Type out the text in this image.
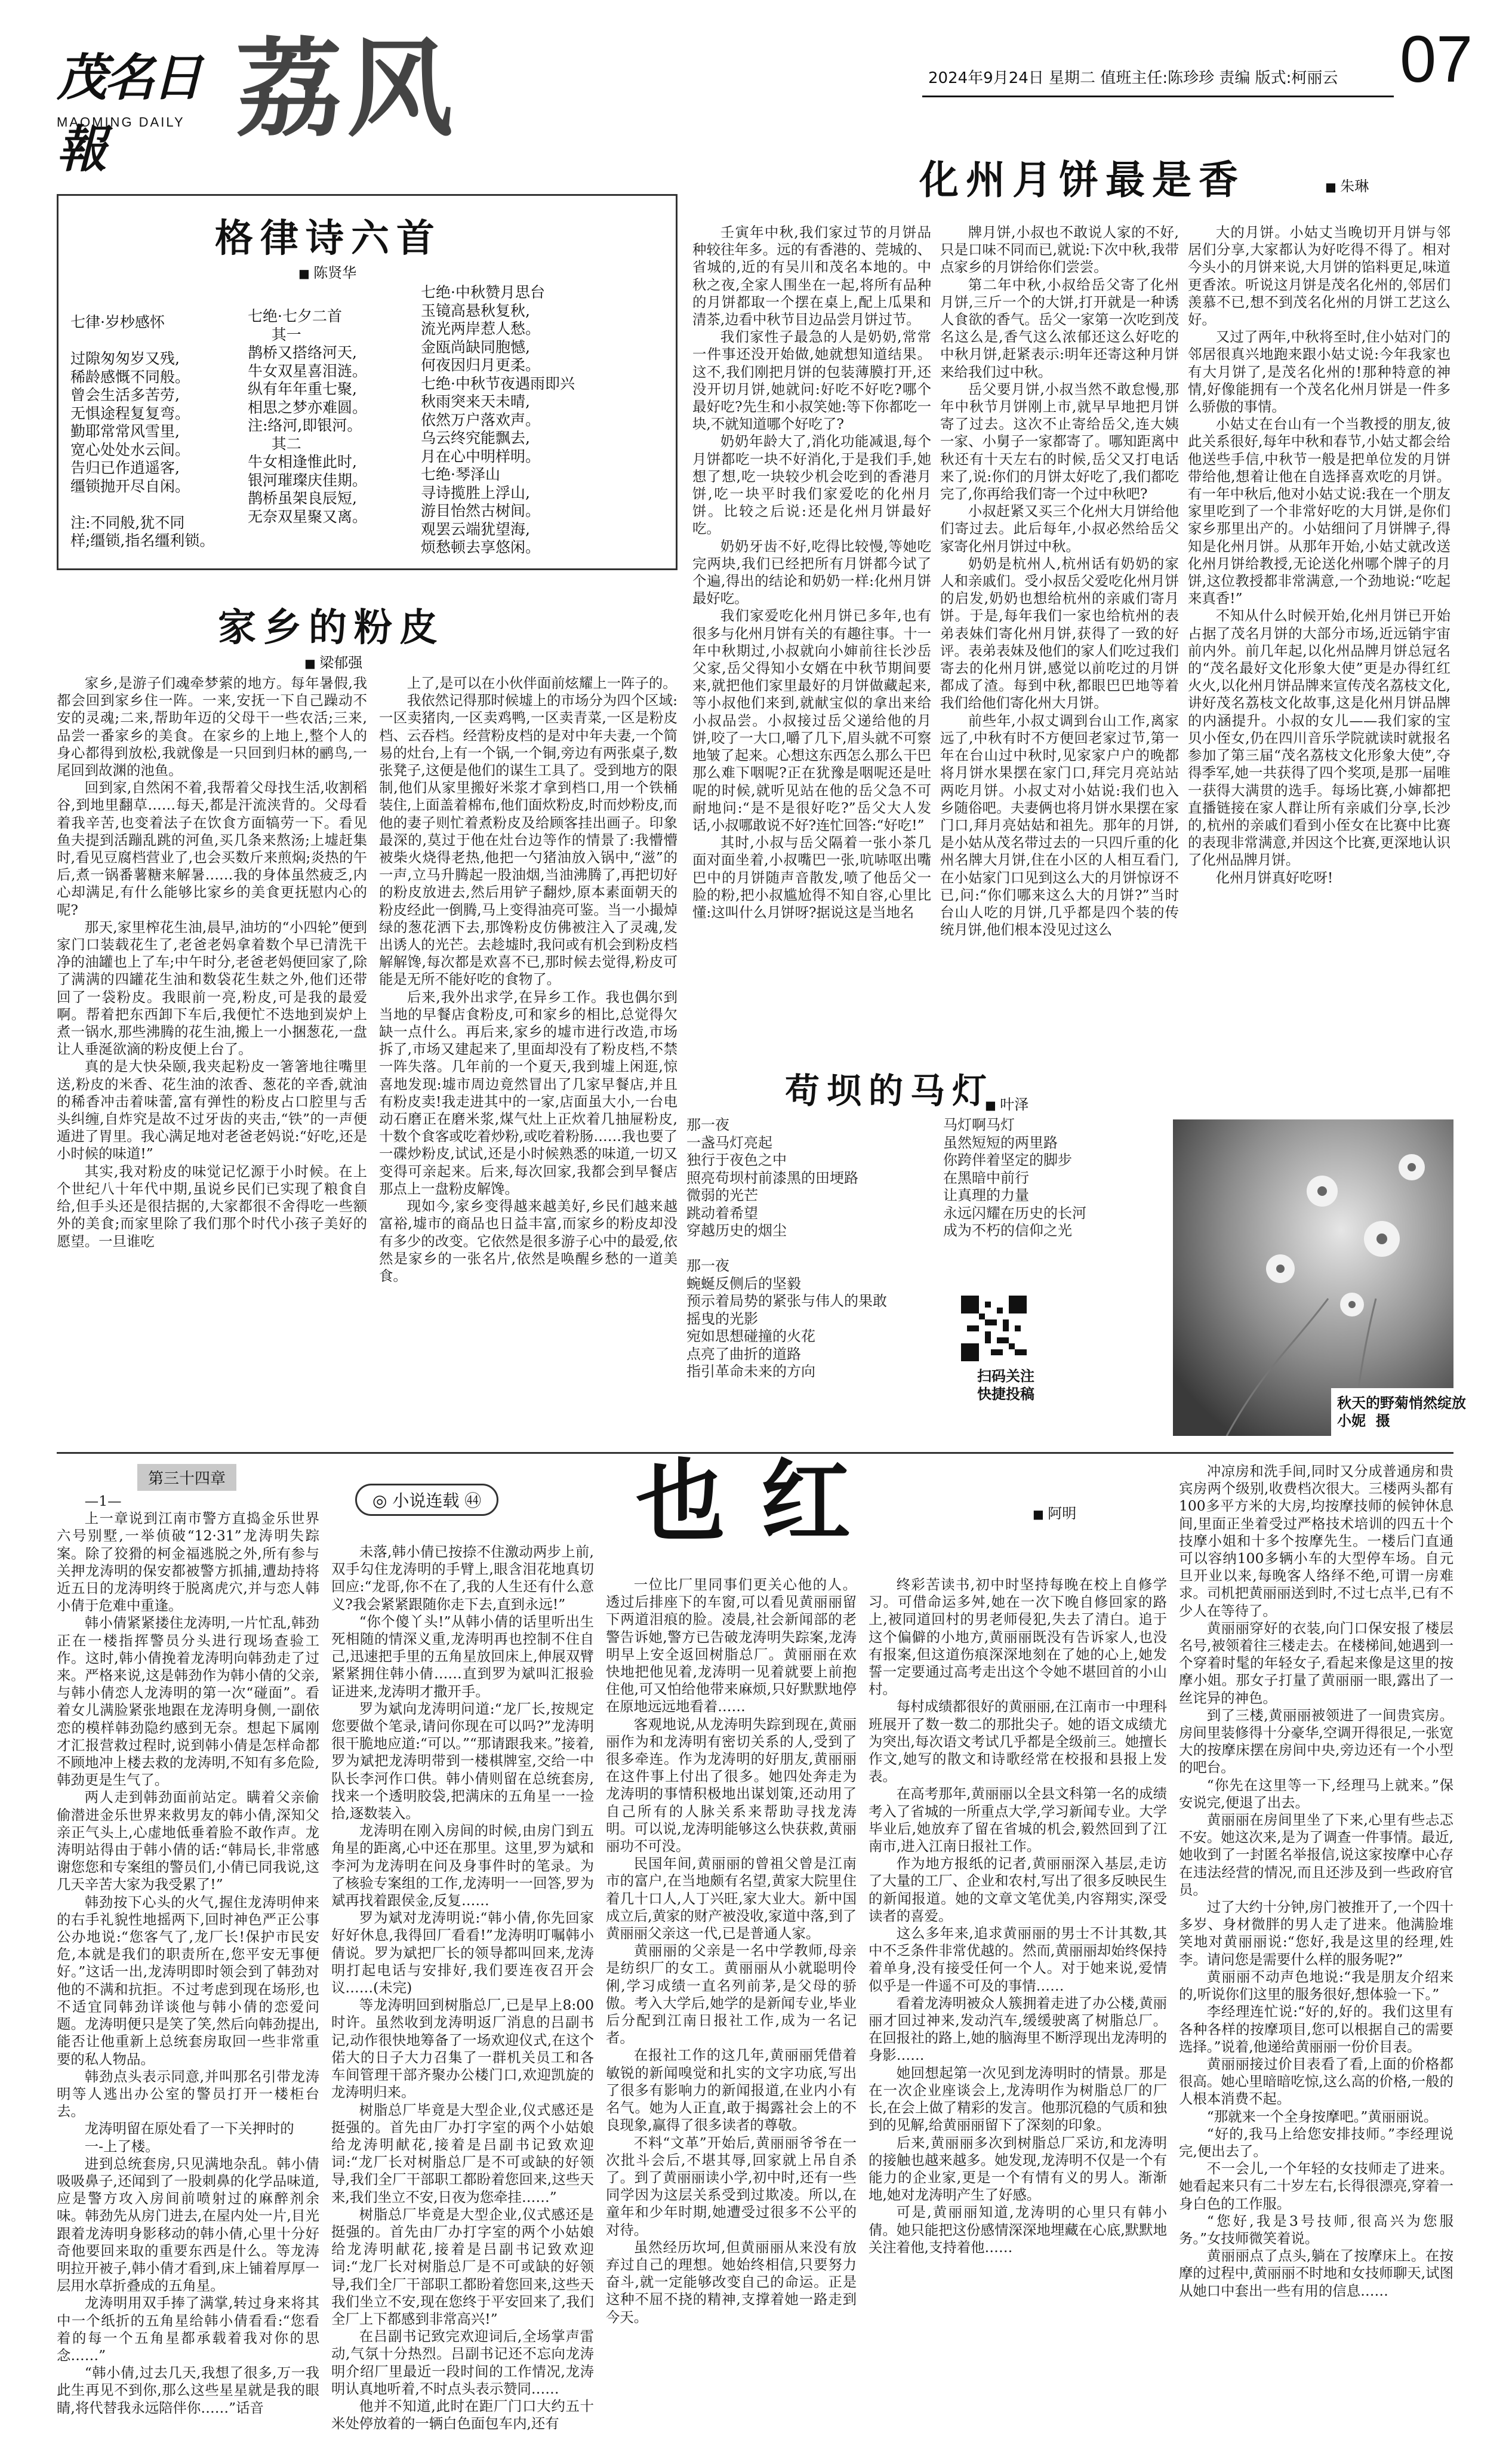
茂名日報
MAOMING DAILY 荔风	2024年9月24日 星期二 值班主任:陈珍珍 责编 版式:柯丽云 07
格律诗六首
■ 陈贤华
七律·岁杪感怀

过隙匆匆岁又残,
稀龄感慨不同般。
曾会生活多苦劳,
无惧途程复复弯。
勤耶常常风雪里,
宽心处处水云间。
告归已作逍遥客,
缰锁抛开尽自闲。

注:不同般,犹不同
样;缰锁,指名缰利锁。
七绝·七夕二首
其一
鹊桥又搭络河天,
牛女双星喜泪涟。
纵有年年重七聚,
相思之梦亦难圆。
注:络河,即银河。
其二
牛女相逢惟此时,
银河璀璨庆佳期。
鹊桥虽架良辰短,
无奈双星聚又离。
七绝·中秋赞月思台
玉镜高悬秋复秋,
流光两岸惹人愁。
金瓯尚缺同胞憾,
何夜因归月更柔。
七绝·中秋节夜遇雨即兴
秋雨突来天未晴,
依然万户落欢声。
乌云终究能飘去,
月在心中明样明。
七绝·琴泽山
寻诗揽胜上浮山,
游目怡然古树间。
观罢云端犹望海,
烦愁顿去享悠闲。
家乡的粉皮
■ 梁郁强

家乡,是游子们魂牵梦萦的地方。每年暑假,我都会回到家乡住一阵。一来,安抚一下自己躁动不安的灵魂;二来,帮助年迈的父母干一些农活;三来,品尝一番家乡的美食。在家乡的上地上,整个人的身心都得到放松,我就像是一只回到归林的鹂鸟,一尾回到故渊的池鱼。

回到家,自然闲不着,我帮着父母找生活,收割稻谷,到地里翻草……每天,都是汗流浃背的。父母看着我辛苦,也变着法子在饮食方面犒劳一下。看见鱼夫提到活蹦乱跳的河鱼,买几条来熬汤;上墟赶集时,看见豆腐档营业了,也会买数斤来煎焖;炎热的午后,煮一锅番薯糖来解暑……我的身体虽然疲乏,内心却满足,有什么能够比家乡的美食更抚慰内心的呢?

那天,家里榨花生油,晨早,油坊的“小四轮”便到家门口装载花生了,老爸老妈拿着数个早已清洗干净的油罐也上了车;中午时分,老爸老妈便回家了,除了满满的四罐花生油和数袋花生麸之外,他们还带回了一袋粉皮。我眼前一亮,粉皮,可是我的最爱啊。帮着把东西卸下车后,我便忙不迭地到炭炉上煮一锅水,那些沸腾的花生油,搬上一小捆葱花,一盘让人垂涎欲滴的粉皮便上台了。

真的是大快朵颐,我夹起粉皮一箸箸地往嘴里送,粉皮的米香、花生油的浓香、葱花的辛香,就油的稀香冲击着味蕾,富有弹性的粉皮占口腔里与舌头纠缠,自炸究是故不过牙齿的夹击,“铁”的一声便遁进了胃里。我心满足地对老爸老妈说:“好吃,还是小时候的味道!”

其实,我对粉皮的味觉记忆源于小时候。在上个世纪八十年代中期,虽说乡民们已实现了粮食自给,但手头还是很拮据的,大家都很不舍得吃一些额外的美食;而家里除了我们那个时代小孩子美好的愿望。一旦谁吃

上了,是可以在小伙伴面前炫耀上一阵子的。

我依然记得那时候墟上的市场分为四个区域:一区卖猪肉,一区卖鸡鸭,一区卖青菜,一区是粉皮档、云吞档。经营粉皮档的是对中年夫妻,一个简易的灶台,上有一个锅,一个铜,旁边有两张桌子,数张凳子,这便是他们的谋生工具了。受到地方的限制,他们从家里搬好米浆才拿到档口,用一个铁桶装住,上面盖着棉布,他们面炊粉皮,时而炒粉皮,而他的妻子则忙着煮粉皮及给顾客挂出画子。印象最深的,莫过于他在灶台边等作的情景了:我懵懵被柴火烧得老热,他把一勺猪油放入锅中,“滋”的一声,立马升腾起一股油烟,当油沸腾了,再把切好的粉皮放进去,然后用铲子翻炒,原本素面朝天的粉皮经此一倒腾,马上变得油亮可鉴。当一小撮焯绿的葱花洒下去,那馋粉皮仿佛被注入了灵魂,发出诱人的光芒。去趁墟时,我问或有机会到粉皮档解解馋,每次都是欢喜不已,那时候去觉得,粉皮可能是无所不能好吃的食物了。

后来,我外出求学,在异乡工作。我也偶尔到当地的早餐店食粉皮,可和家乡的相比,总觉得欠缺一点什么。再后来,家乡的墟市进行改造,市场拆了,市场又建起来了,里面却没有了粉皮档,不禁一阵失落。几年前的一个夏天,我到墟上闲逛,惊喜地发现:墟市周边竟然冒出了几家早餐店,并且有粉皮卖!我走进其中的一家,店面虽大小,一台电动石磨正在磨米浆,煤气灶上正炊着几抽屉粉皮,十数个食客或吃着炒粉,或吃着粉肠……我也要了一碟炒粉皮,试试,还是小时候熟悉的味道,一切又变得可亲起来。后来,每次回家,我都会到早餐店那点上一盘粉皮解馋。

现如今,家乡变得越来越美好,乡民们越来越富裕,墟市的商品也日益丰富,而家乡的粉皮却没有多少的改变。它依然是很多游子心中的最爱,依然是家乡的一张名片,依然是唤醒乡愁的一道美食。

化州月饼最是香	■ 朱琳

壬寅年中秋,我们家过节的月饼品种较往年多。远的有香港的、莞城的、省城的,近的有吴川和茂名本地的。中秋之夜,全家人围坐在一起,将所有品种的月饼都取一个摆在桌上,配上瓜果和清茶,边看中秋节目边品尝月饼过节。

我们家性子最急的人是奶奶,常常一件事还没开始做,她就想知道结果。这不,我们刚把月饼的包装薄膜打开,还没开切月饼,她就问:好吃不好吃?哪个最好吃?先生和小叔笑她:等下你都吃一块,不就知道哪个好吃了?

奶奶年龄大了,消化功能减退,每个月饼都吃一块不好消化,于是我们手,她想了想,吃一块较少机会吃到的香港月饼,吃一块平时我们家爱吃的化州月饼。比较之后说:还是化州月饼最好吃。

奶奶牙齿不好,吃得比较慢,等她吃完两块,我们已经把所有月饼都今试了个遍,得出的结论和奶奶一样:化州月饼最好吃。

我们家爱吃化州月饼已多年,也有很多与化州月饼有关的有趣往事。十一年中秋期过,小叔就向小婶前往长沙岳父家,岳父得知小女婿在中秋节期间要来,就把他们家里最好的月饼做藏起来,等小叔他们来到,就献宝似的拿出来给小叔品尝。小叔接过岳父递给他的月饼,咬了一大口,嚼了几下,眉头就不可察地皱了起来。心想这东西怎么那么干巴那么难下咽呢?正在犹豫是咽呢还是吐呢的时候,就听见站在他的岳父急不可耐地问:“是不是很好吃?”岳父大人发话,小叔哪敢说不好?连忙回答:“好吃!”

其时,小叔与岳父隔着一张小茶几面对面坐着,小叔嘴巴一张,吭哧呕出嘴巴中的月饼随声音散发,喷了他岳父一脸的粉,把小叔尴尬得不知自容,心里比懂:这叫什么月饼呀?据说这是当地名

牌月饼,小叔也不敢说人家的不好,只是口味不同而已,就说:下次中秋,我带点家乡的月饼给你们尝尝。

第二年中秋,小叔给岳父寄了化州月饼,三斤一个的大饼,打开就是一种诱人食欲的香气。岳父一家第一次吃到茂名这么是,香气这么浓郁还这么好吃的中秋月饼,赶紧表示:明年还寄这种月饼来给我们过中秋。

岳父要月饼,小叔当然不敢怠慢,那年中秋节月饼刚上市,就早早地把月饼寄了过去。这次不止寄给岳父,连大姨一家、小舅子一家都寄了。哪知距离中秋还有十天左右的时候,岳父又打电话来了,说:你们的月饼太好吃了,我们都吃完了,你再给我们寄一个过中秋吧?

小叔赶紧又买三个化州大月饼给他们寄过去。此后每年,小叔必然给岳父家寄化州月饼过中秋。

奶奶是杭州人,杭州话有奶奶的家人和亲戚们。受小叔岳父爱吃化州月饼的启发,奶奶也想给杭州的亲戚们寄月饼。于是,每年我们一家也给杭州的表弟表妹们寄化州月饼,获得了一致的好评。表弟表妹及他们的家人们吃过我们寄去的化州月饼,感觉以前吃过的月饼都成了渣。每到中秋,都眼巴巴地等着我们给他们寄化州大月饼。

前些年,小叔丈调到台山工作,离家远了,中秋有时不方便回老家过节,第一年在台山过中秋时,见家家户户的晚都将月饼水果摆在家门口,拜完月亮站站两吃月饼。小叔丈对小姑说:我们也入乡随俗吧。夫妻俩也将月饼水果摆在家门口,拜月亮姑姑和祖先。那年的月饼,是小姑从茂名带过去的一只四斤重的化州名牌大月饼,住在小区的人相互看门,在小姑家门口见到这么大的月饼惊讶不已,问:“你们哪来这么大的月饼?”当时台山人吃的月饼,几乎都是四个装的传统月饼,他们根本没见过这么

大的月饼。小姑丈当晚切开月饼与邻居们分享,大家都认为好吃得不得了。相对今头小的月饼来说,大月饼的馅料更足,味道更香浓。听说这月饼是茂名化州的,邻居们羡慕不已,想不到茂名化州的月饼工艺这么好。

又过了两年,中秋将至时,住小姑对门的邻居很真兴地跑来跟小姑丈说:今年我家也有大月饼了,是茂名化州的!那种特意的神情,好像能拥有一个茂名化州月饼是一件多么骄傲的事情。

小姑丈在台山有一个当教授的朋友,彼此关系很好,每年中秋和春节,小姑丈都会给他送些手信,中秋节一般是把单位发的月饼带给他,想着让他在自选择喜欢吃的月饼。有一年中秋后,他对小姑丈说:我在一个朋友家里吃到了一个非常好吃的大月饼,是你们家乡那里出产的。小姑细问了月饼牌子,得知是化州月饼。从那年开始,小姑丈就改送化州月饼给教授,无论送化州哪个牌子的月饼,这位教授都非常满意,一个劲地说:“吃起来真香!”

不知从什么时候开始,化州月饼已开始占据了茂名月饼的大部分市场,近远销宇宙前内外。前几年起,以化州品牌月饼总冠名的“茂名最好文化形象大使”更是办得红红火火,以化州月饼品牌来宣传茂名荔枝文化,讲好茂名荔枝文化故事,这是化州月饼品牌的内涵提升。小叔的女儿——我们家的宝贝小侄女,仍在四川音乐学院就读时就报名参加了第三届“茂名荔枝文化形象大使”,夺得季军,她一共获得了四个奖项,是那一届唯一获得大满贯的选手。每场比赛,小婶都把直播链接在家人群让所有亲戚们分享,长沙的,杭州的亲戚们看到小侄女在比赛中比赛的表现非常满意,并因这个比赛,更深地认识了化州品牌月饼。

化州月饼真好吃呀!

苟坝的马灯 ■ 叶泽
那一夜
一盏马灯亮起
独行于夜色之中
照亮苟坝村前漆黑的田埂路
微弱的光芒
跳动着希望
穿越历史的烟尘

那一夜
蜿蜒反侧后的坚毅
预示着局势的紧张与伟人的果敢
摇曳的光影
宛如思想碰撞的火花
点亮了曲折的道路
指引革命未来的方向
马灯啊马灯
虽然短短的两里路
你跨伴着坚定的脚步
在黑暗中前行
让真理的力量
永远闪耀在历史的长河
成为不朽的信仰之光
扫码关注
快捷投稿
秋天的野菊悄然绽放
小妮  摄
第三十四章
◎ 小说连载 ㊹ 也红	■ 阿明

—1—

上一章说到江南市警方直捣金乐世界六号别墅,一举侦破“12·31”龙涛明失踪案。除了狡猾的柯金福逃脱之外,所有参与关押龙涛明的保安都被警方抓捕,遭劫持将近五日的龙涛明终于脱离虎穴,并与恋人韩小倩于危难中重逢。

韩小倩紧紧搂住龙涛明,一片忙乱,韩劲正在一楼指挥警员分头进行现场查验工作。这时,韩小倩挽着龙涛明向韩劲走了过来。严格来说,这是韩劲作为韩小倩的父亲,与韩小倩恋人龙涛明的第一次“碰面”。看着女儿满脸紧张地跟在龙涛明身侧,一副依恋的模样韩劲隐约感到无奈。想起下属刚才汇报营救过程时,说到韩小倩是怎样命都不顾地冲上楼去救的龙涛明,不知有多危险,韩劲更是生气了。

两人走到韩劲面前站定。瞒着父亲偷偷潜进金乐世界来救男友的韩小倩,深知父亲正气头上,心虚地低垂着脸不敢作声。龙涛明站得由于韩小倩的话:“韩局长,非常感谢您您和专案组的警员们,小倩已同我说,这几天辛苦大家为我受累了!”

韩劲按下心头的火气,握住龙涛明伸来的右手礼貌性地摇两下,回时神色严正公事公办地说:“您客气了,龙厂长!保护市民安危,本就是我们的职责所在,您平安无事便好。”这话一出,龙涛明即时领会到了韩劲对他的不满和抗拒。不过考虑到现在场形,也不适宜同韩劲详谈他与韩小倩的恋爱问题。龙涛明便只是笑了笑,然后向韩劲提出,能否让他重新上总统套房取回一些非常重要的私人物品。

韩劲点头表示同意,并叫那名引带龙涛明等人逃出办公室的警员打开一楼柜台去。

龙涛明留在原处看了一下关押时的

一-上了楼。

进到总统套房,只见满地杂乱。韩小倩吸吸鼻子,还闻到了一股刺鼻的化学品味道,应是警方攻入房间前喷射过的麻醉剂余味。韩劲先从房门进去,在屋内处一片,目光跟着龙涛明身影移动的韩小倩,心里十分好奇他要回来取的重要东西是什么。等龙涛明拉开被子,韩小倩才看到,床上铺着厚厚一层用水草折叠成的五角星。

龙涛明用双手捧了满掌,转过身来将其中一个纸折的五角星给韩小倩看看:“您看着的每一个五角星都承载着我对你的思念……”

“韩小倩,过去几天,我想了很多,万一我此生再见不到你,那么这些星星就是我的眼睛,将代替我永远陪伴你……”话音

未落,韩小倩已按捺不住激动两步上前,双手勾住龙涛明的手臂上,眼含泪花地真切回应:“龙哥,你不在了,我的人生还有什么意义?我会紧紧跟随你走下去,直到永远!”

“你个傻丫头!”从韩小倩的话里听出生死相随的情深义重,龙涛明再也控制不住自己,迅速把手里的五角星放回床上,伸展双臂紧紧拥住韩小倩……直到罗为斌叫汇报验证进来,龙涛明才撒开手。

罗为斌向龙涛明问道:“龙厂长,按规定您要做个笔录,请问你现在可以吗?”龙涛明很干脆地应道:“可以。”“那请跟我来。”接着,罗为斌把龙涛明带到一楼棋牌室,交给一中队长李河作口供。韩小倩则留在总统套房,找来一个透明胶袋,把满床的五角星一一捡拾,逐数装入。

龙涛明在刚入房间的时候,由房门到五角星的距离,心中还在那里。这里,罗为斌和李河为龙涛明在问及身事件时的笔录。为了核验专案组的工作,龙涛明一一回答,罗为斌再找着跟侯金,反复……

罗为斌对龙涛明说:“韩小倩,你先回家好好休息,我得回厂看看!”龙涛明叮嘱韩小倩说。罗为斌把厂长的领导都叫回来,龙涛明打起电话与安排好,我们要连夜召开会议……(未完)

等龙涛明回到树脂总厂,已是早上8:00时许。虽然收到龙涛明返厂消息的吕副书记,动作很快地筹备了一场欢迎仪式,在这个偌大的日子大力召集了一群机关员工和各车间管理干部齐聚办公楼门口,欢迎凯旋的龙涛明归来。

树脂总厂毕竟是大型企业,仪式感还是挺强的。首先由厂办打字室的两个小姑娘给龙涛明献花,接着是吕副书记致欢迎词:“龙厂长对树脂总厂是不可或缺的好领导,我们全厂干部职工都盼着您回来,这些天来,我们坐立不安,日夜为您牵挂……”

树脂总厂毕竟是大型企业,仪式感还是挺强的。首先由厂办打字室的两个小姑娘给龙涛明献花,接着是吕副书记致欢迎词:“龙厂长对树脂总厂是不可或缺的好领导,我们全厂干部职工都盼着您回来,这些天我们坐立不安,现在您终于平安回来了,我们全厂上下都感到非常高兴!”

在吕副书记致完欢迎词后,全场掌声雷动,气氛十分热烈。吕副书记还不忘向龙涛明介绍厂里最近一段时间的工作情况,龙涛明认真地听着,不时点头表示赞同……

他并不知道,此时在距厂门口大约五十米处停放着的一辆白色面包车内,还有

一位比厂里同事们更关心他的人。透过后排座下的车窗,可以看见黄丽丽留下两道泪痕的脸。凌晨,社会新闻部的老警告诉她,警方已告破龙涛明失踪案,龙涛明早上安全返回树脂总厂。黄丽丽在欢快地把他见着,龙涛明一见着就要上前抱住他,可又怕给他带来麻烦,只好默默地停在原地远远地看着……

客观地说,从龙涛明失踪到现在,黄丽丽作为和龙涛明有密切关系的人,受到了很多牵连。作为龙涛明的好朋友,黄丽丽在这件事上付出了很多。她四处奔走为龙涛明的事情积极地出谋划策,还动用了自己所有的人脉关系来帮助寻找龙涛明。可以说,龙涛明能够这么快获救,黄丽丽功不可没。

民国年间,黄丽丽的曾祖父曾是江南市的富户,在当地颇有名望,黄家大院里住着几十口人,人丁兴旺,家大业大。新中国成立后,黄家的财产被没收,家道中落,到了黄丽丽父亲这一代,已是普通人家。

黄丽丽的父亲是一名中学教师,母亲是纺织厂的女工。黄丽丽从小就聪明伶俐,学习成绩一直名列前茅,是父母的骄傲。考入大学后,她学的是新闻专业,毕业后分配到江南日报社工作,成为一名记者。

在报社工作的这几年,黄丽丽凭借着敏锐的新闻嗅觉和扎实的文字功底,写出了很多有影响力的新闻报道,在业内小有名气。她为人正直,敢于揭露社会上的不良现象,赢得了很多读者的尊敬。

不料“文革”开始后,黄丽丽爷爷在一次批斗会后,不堪其辱,回家就上吊自杀了。到了黄丽丽读小学,初中时,还有一些同学因为这层关系受到过欺凌。所以,在童年和少年时期,她遭受过很多不公平的对待。

虽然经历坎坷,但黄丽丽从来没有放弃过自己的理想。她始终相信,只要努力奋斗,就一定能够改变自己的命运。正是这种不屈不挠的精神,支撑着她一路走到今天。

终彩苦读书,初中时坚持每晚在校上自修学习。可借命运多舛,她在一次下晚自修回家的路上,被同道回村的男老师侵犯,失去了清白。追于这个偏僻的小地方,黄丽丽既没有告诉家人,也没有报案,但这道伤痕深深地刻在了她的心上,她发誓一定要通过高考走出这个令她不堪回首的小山村。

每村成绩都很好的黄丽丽,在江南市一中理科班展开了数一数二的那批尖子。她的语文成绩尤为突出,每次语文考试几乎都是全级前三。她擅长作文,她写的散文和诗歌经常在校报和县报上发表。

在高考那年,黄丽丽以全县文科第一名的成绩考入了省城的一所重点大学,学习新闻专业。大学毕业后,她放弃了留在省城的机会,毅然回到了江南市,进入江南日报社工作。

作为地方报纸的记者,黄丽丽深入基层,走访了大量的工厂、企业和农村,写出了很多反映民生的新闻报道。她的文章文笔优美,内容翔实,深受读者的喜爱。

这么多年来,追求黄丽丽的男士不计其数,其中不乏条件非常优越的。然而,黄丽丽却始终保持着单身,没有接受任何一个人。对于她来说,爱情似乎是一件遥不可及的事情……

看着龙涛明被众人簇拥着走进了办公楼,黄丽丽才回过神来,发动汽车,缓缓驶离了树脂总厂。在回报社的路上,她的脑海里不断浮现出龙涛明的身影……

她回想起第一次见到龙涛明时的情景。那是在一次企业座谈会上,龙涛明作为树脂总厂的厂长,在会上做了精彩的发言。他那沉稳的气质和独到的见解,给黄丽丽留下了深刻的印象。

后来,黄丽丽多次到树脂总厂采访,和龙涛明的接触也越来越多。她发现,龙涛明不仅是一个有能力的企业家,更是一个有情有义的男人。渐渐地,她对龙涛明产生了好感。

可是,黄丽丽知道,龙涛明的心里只有韩小倩。她只能把这份感情深深地埋藏在心底,默默地关注着他,支持着他……

冲凉房和洗手间,同时又分成普通房和贵宾房两个级别,收费档次很大。三楼两头都有100多平方米的大房,均按摩技师的候钟休息间,里面正坐着受过严格技术培训的四五十个技摩小姐和十多个按摩先生。一楼后门直通可以容纳100多辆小车的大型停车场。自元旦开业以来,每晚客人络绎不绝,可谓一房难求。司机把黄丽丽送到时,不过七点半,已有不少人在等待了。

黄丽丽穿好的衣装,向门口保安报了楼层名号,被领着往三楼走去。在楼梯间,她遇到一个穿着时髦的年轻女子,看起来像是这里的按摩小姐。那女子打量了黄丽丽一眼,露出了一丝诧异的神色。

到了三楼,黄丽丽被领进了一间贵宾房。房间里装修得十分豪华,空调开得很足,一张宽大的按摩床摆在房间中央,旁边还有一个小型的吧台。

“你先在这里等一下,经理马上就来。”保安说完,便退了出去。

黄丽丽在房间里坐了下来,心里有些忐忑不安。她这次来,是为了调查一件事情。最近,她收到了一封匿名举报信,说这家按摩中心存在违法经营的情况,而且还涉及到一些政府官员。

过了大约十分钟,房门被推开了,一个四十多岁、身材微胖的男人走了进来。他满脸堆笑地对黄丽丽说:“您好,我是这里的经理,姓李。请问您是需要什么样的服务呢?”

黄丽丽不动声色地说:“我是朋友介绍来的,听说你们这里的服务很好,想体验一下。”

李经理连忙说:“好的,好的。我们这里有各种各样的按摩项目,您可以根据自己的需要选择。”说着,他递给黄丽丽一份价目表。

黄丽丽接过价目表看了看,上面的价格都很高。她心里暗暗吃惊,这么高的价格,一般的人根本消费不起。

“那就来一个全身按摩吧。”黄丽丽说。

“好的,我马上给您安排技师。”李经理说完,便出去了。

不一会儿,一个年轻的女技师走了进来。她看起来只有二十岁左右,长得很漂亮,穿着一身白色的工作服。

“您好,我是3号技师,很高兴为您服务。”女技师微笑着说。

黄丽丽点了点头,躺在了按摩床上。在按摩的过程中,黄丽丽不时地和女技师聊天,试图从她口中套出一些有用的信息……
